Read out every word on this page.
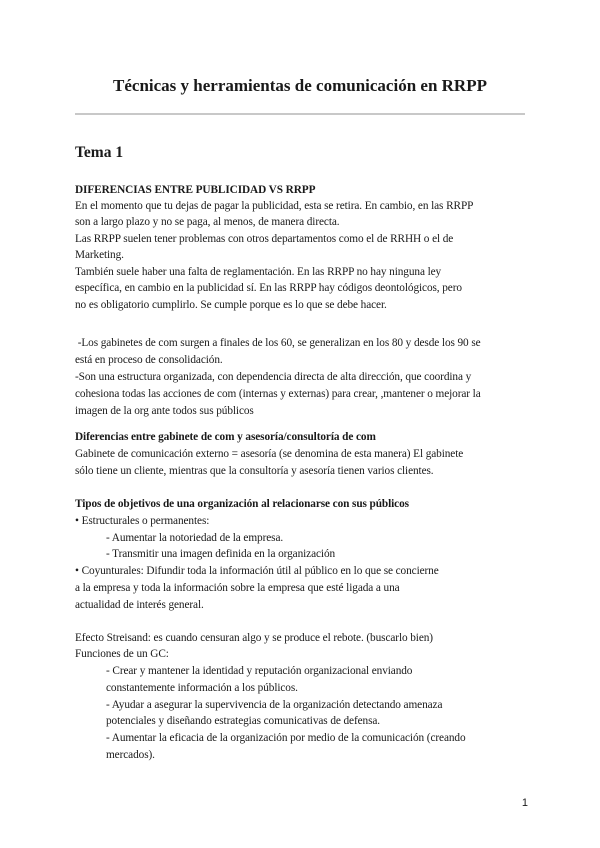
Técnicas y herramientas de comunicación en RRPP
Tema 1
DIFERENCIAS ENTRE PUBLICIDAD VS RRPP
En el momento que tu dejas de pagar la publicidad, esta se retira. En cambio, en las RRPP
son a largo plazo y no se paga, al menos, de manera directa.
Las RRPP suelen tener problemas con otros departamentos como el de RRHH o el de
Marketing.
También suele haber una falta de reglamentación. En las RRPP no hay ninguna ley
específica, en cambio en la publicidad sí. En las RRPP hay códigos deontológicos, pero
no es obligatorio cumplirlo. Se cumple porque es lo que se debe hacer.
-Los gabinetes de com surgen a finales de los 60, se generalizan en los 80 y desde los 90 se
está en proceso de consolidación.
-Son una estructura organizada, con dependencia directa de alta dirección, que coordina y
cohesiona todas las acciones de com (internas y externas) para crear, ,mantener o mejorar la
imagen de la org ante todos sus públicos
Diferencias entre gabinete de com y asesoría/consultoría de com
Gabinete de comunicación externo = asesoría (se denomina de esta manera) El gabinete
sólo tiene un cliente, mientras que la consultoría y asesoría tienen varios clientes.
Tipos de objetivos de una organización al relacionarse con sus públicos
• Estructurales o permanentes:
- Aumentar la notoriedad de la empresa.
- Transmitir una imagen definida en la organización
• Coyunturales: Difundir toda la información útil al público en lo que se concierne
a la empresa y toda la información sobre la empresa que esté ligada a una
actualidad de interés general.
Efecto Streisand: es cuando censuran algo y se produce el rebote. (buscarlo bien)
Funciones de un GC:
- Crear y mantener la identidad y reputación organizacional enviando
constantemente información a los públicos.
- Ayudar a asegurar la supervivencia de la organización detectando amenaza
potenciales y diseñando estrategias comunicativas de defensa.
- Aumentar la eficacia de la organización por medio de la comunicación (creando
mercados).
1
